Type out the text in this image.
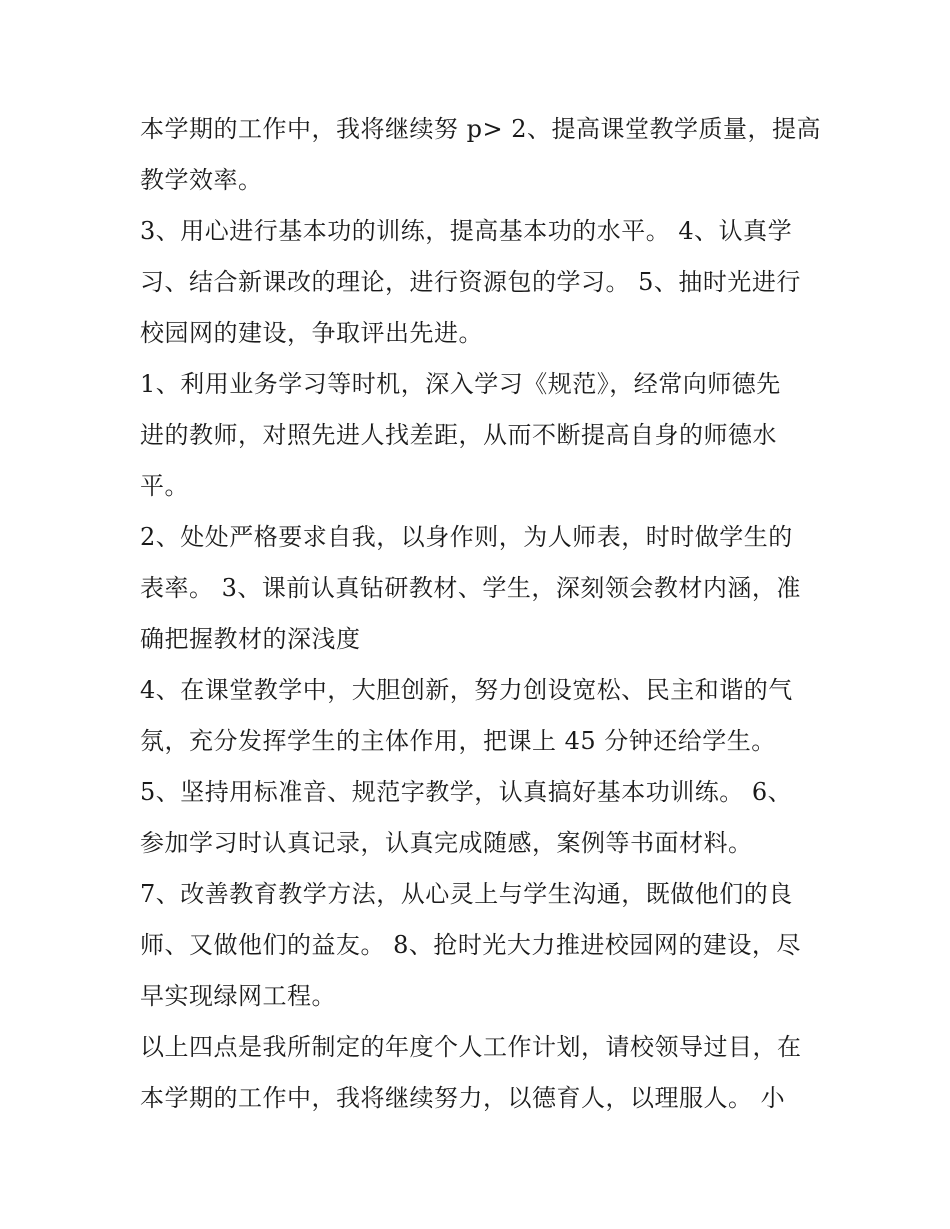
本学期的工作中，我将继续努 p> 2、提高课堂教学质量，提高
教学效率。

3、用心进行基本功的训练，提高基本功的水平。 4、认真学
习、结合新课改的理论，进行资源包的学习。 5、抽时光进行
校园网的建设，争取评出先进。

1、利用业务学习等时机，深入学习《规范》，经常向师德先
进的教师，对照先进人找差距，从而不断提高自身的师德水
平。

2、处处严格要求自我，以身作则，为人师表，时时做学生的
表率。 3、课前认真钻研教材、学生，深刻领会教材内涵，准
确把握教材的深浅度

4、在课堂教学中，大胆创新，努力创设宽松、民主和谐的气
氛，充分发挥学生的主体作用，把课上 45 分钟还给学生。

5、坚持用标准音、规范字教学，认真搞好基本功训练。 6、
参加学习时认真记录，认真完成随感，案例等书面材料。

7、改善教育教学方法，从心灵上与学生沟通，既做他们的良
师、又做他们的益友。 8、抢时光大力推进校园网的建设，尽
早实现绿网工程。

以上四点是我所制定的年度个人工作计划，请校领导过目，在
本学期的工作中，我将继续努力，以德育人，以理服人。 小
